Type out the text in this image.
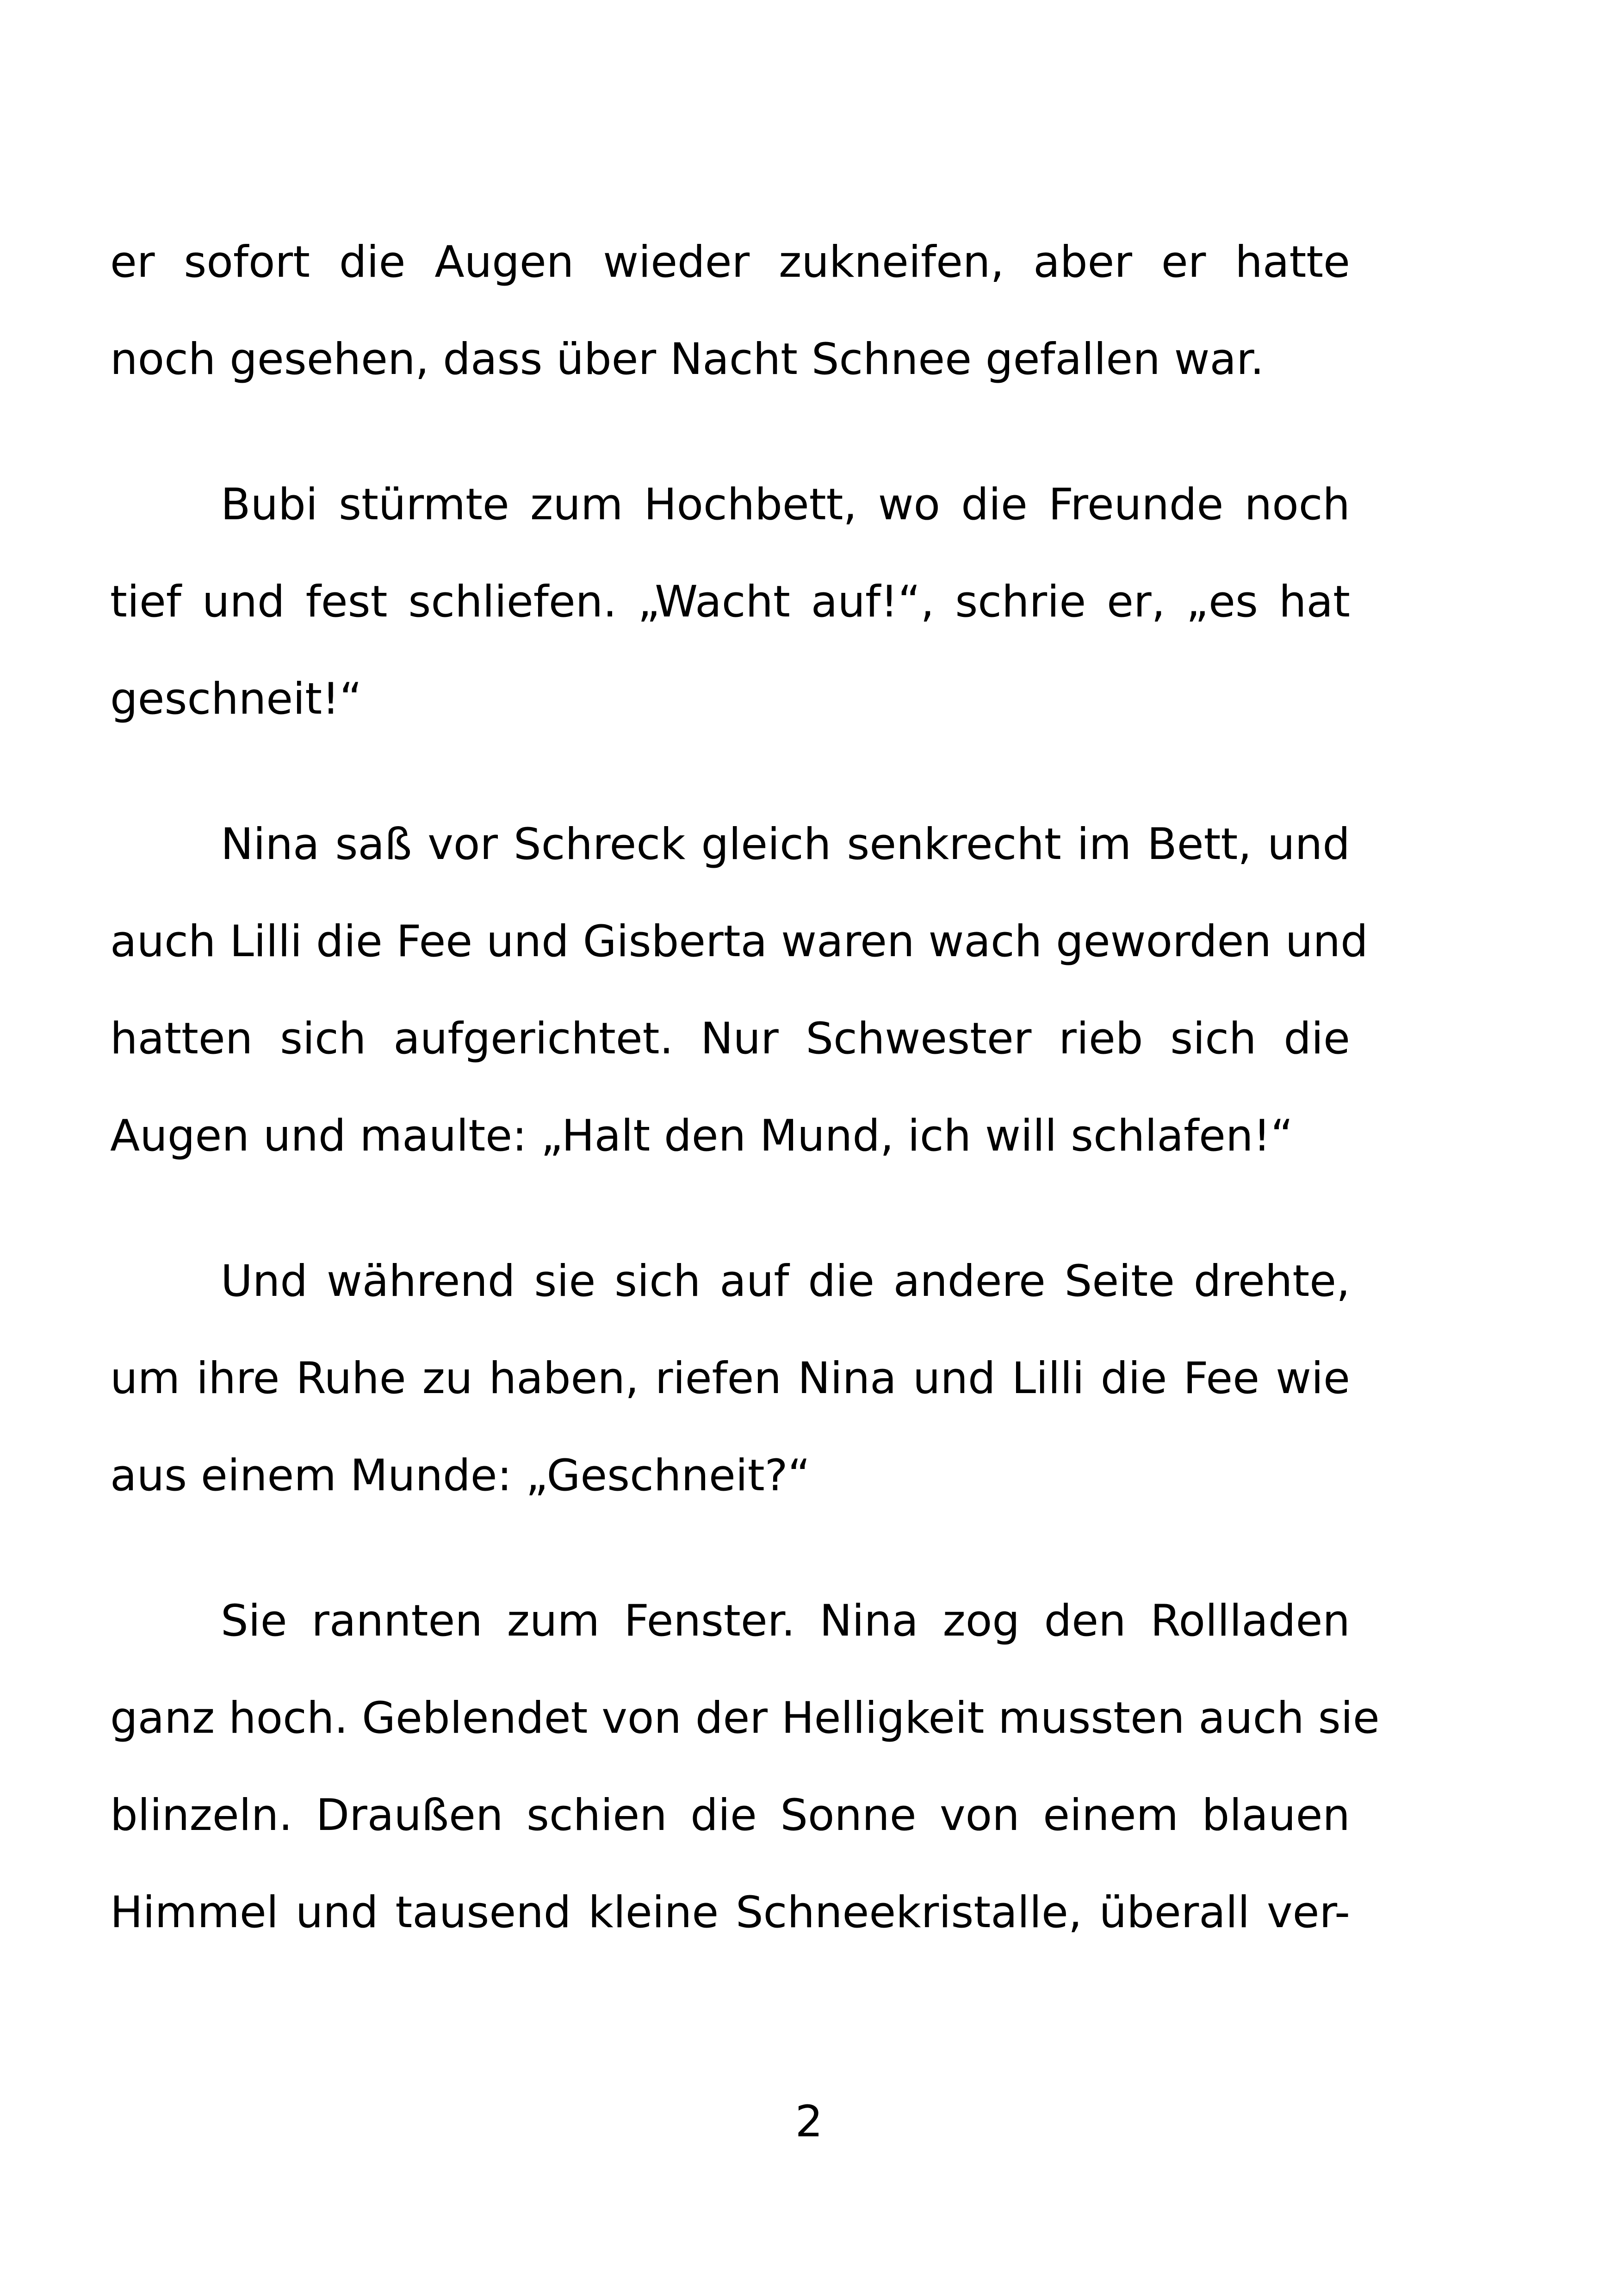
er sofort die Augen wieder zukneifen, aber er hatte
noch gesehen, dass über Nacht Schnee gefallen war.
Bubi stürmte zum Hochbett, wo die Freunde noch
tief und fest schliefen. „Wacht auf!“, schrie er, „es hat
geschneit!“
Nina saß vor Schreck gleich senkrecht im Bett, und
auch Lilli die Fee und Gisberta waren wach geworden und
hatten sich aufgerichtet. Nur Schwester rieb sich die
Augen und maulte: „Halt den Mund, ich will schlafen!“
Und während sie sich auf die andere Seite drehte,
um ihre Ruhe zu haben, riefen Nina und Lilli die Fee wie
aus einem Munde: „Geschneit?“
Sie rannten zum Fenster. Nina zog den Rollladen
ganz hoch. Geblendet von der Helligkeit mussten auch sie
blinzeln. Draußen schien die Sonne von einem blauen
Himmel und tausend kleine Schneekristalle, überall ver-
2
